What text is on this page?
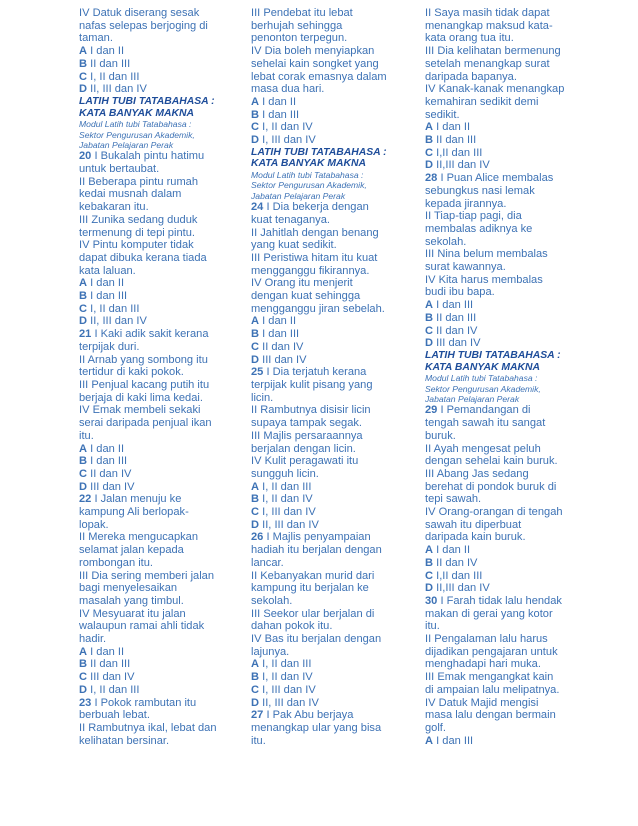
IV Datuk diserang sesak
nafas selepas berjoging di
taman.
A I dan II
B II dan III
C I, II dan III
D II, III dan IV
LATIH TUBI TATABAHASA :
KATA BANYAK MAKNA
Modul Latih tubi Tatabahasa :
Sektor Pengurusan Akademik,
Jabatan Pelajaran Perak
20 I Bukalah pintu hatimu
untuk bertaubat.
II Beberapa pintu rumah
kedai musnah dalam
kebakaran itu.
III Zunika sedang duduk
termenung di tepi pintu.
IV Pintu komputer tidak
dapat dibuka kerana tiada
kata laluan.
A I dan II
B I dan III
C I, II dan III
D II, III dan IV
21 I Kaki adik sakit kerana
terpijak duri.
II Arnab yang sombong itu
tertidur di kaki pokok.
III Penjual kacang putih itu
berjaja di kaki lima kedai.
IV Emak membeli sekaki
serai daripada penjual ikan
itu.
A I dan II
B I dan III
C II dan IV
D III dan IV
22 I Jalan menuju ke
kampung Ali berlopak-
lopak.
II Mereka mengucapkan
selamat jalan kepada
rombongan itu.
III Dia sering memberi jalan
bagi menyelesaikan
masalah yang timbul.
IV Mesyuarat itu jalan
walaupun ramai ahli tidak
hadir.
A I dan II
B II dan III
C III dan IV
D I, II dan III
23 I Pokok rambutan itu
berbuah lebat.
II Rambutnya ikal, lebat dan
kelihatan bersinar.
III Pendebat itu lebat
berhujah sehingga
penonton terpegun.
IV Dia boleh menyiapkan
sehelai kain songket yang
lebat corak emasnya dalam
masa dua hari.
A I dan II
B I dan III
C I, II dan IV
D I, III dan IV
LATIH TUBI TATABAHASA :
KATA BANYAK MAKNA
Modul Latih tubi Tatabahasa :
Sektor Pengurusan Akademik,
Jabatan Pelajaran Perak
24 I Dia bekerja dengan
kuat tenaganya.
II Jahitlah dengan benang
yang kuat sedikit.
III Peristiwa hitam itu kuat
mengganggu fikirannya.
IV Orang itu menjerit
dengan kuat sehingga
mengganggu jiran sebelah.
A I dan II
B I dan III
C II dan IV
D III dan IV
25 I Dia terjatuh kerana
terpijak kulit pisang yang
licin.
II Rambutnya disisir licin
supaya tampak segak.
III Majlis persaraannya
berjalan dengan licin.
IV Kulit peragawati itu
sungguh licin.
A I, II dan III
B I, II dan IV
C I, III dan IV
D II, III dan IV
26 I Majlis penyampaian
hadiah itu berjalan dengan
lancar.
II Kebanyakan murid dari
kampung itu berjalan ke
sekolah.
III Seekor ular berjalan di
dahan pokok itu.
IV Bas itu berjalan dengan
lajunya.
A I, II dan III
B I, II dan IV
C I, III dan IV
D II, III dan IV
27 I Pak Abu berjaya
menangkap ular yang bisa
itu.
II Saya masih tidak dapat
menangkap maksud kata-
kata orang tua itu.
III Dia kelihatan bermenung
setelah menangkap surat
daripada bapanya.
IV Kanak-kanak menangkap
kemahiran sedikit demi
sedikit.
A I dan II
B II dan III
C I,II dan III
D II,III dan IV
28 I Puan Alice membalas
sebungkus nasi lemak
kepada jirannya.
II Tiap-tiap pagi, dia
membalas adiknya ke
sekolah.
III Nina belum membalas
surat kawannya.
IV Kita harus membalas
budi ibu bapa.
A I dan III
B II dan III
C II dan IV
D III dan IV
LATIH TUBI TATABAHASA :
KATA BANYAK MAKNA
Modul Latih tubi Tatabahasa :
Sektor Pengurusan Akademik,
Jabatan Pelajaran Perak
29 I Pemandangan di
tengah sawah itu sangat
buruk.
II Ayah mengesat peluh
dengan sehelai kain buruk.
III Abang Jas sedang
berehat di pondok buruk di
tepi sawah.
IV Orang-orangan di tengah
sawah itu diperbuat
daripada kain buruk.
A I dan II
B II dan IV
C I,II dan III
D II,III dan IV
30 I Farah tidak lalu hendak
makan di gerai yang kotor
itu.
II Pengalaman lalu harus
dijadikan pengajaran untuk
menghadapi hari muka.
III Emak mengangkat kain
di ampaian lalu melipatnya.
IV Datuk Majid mengisi
masa lalu dengan bermain
golf.
A I dan III
